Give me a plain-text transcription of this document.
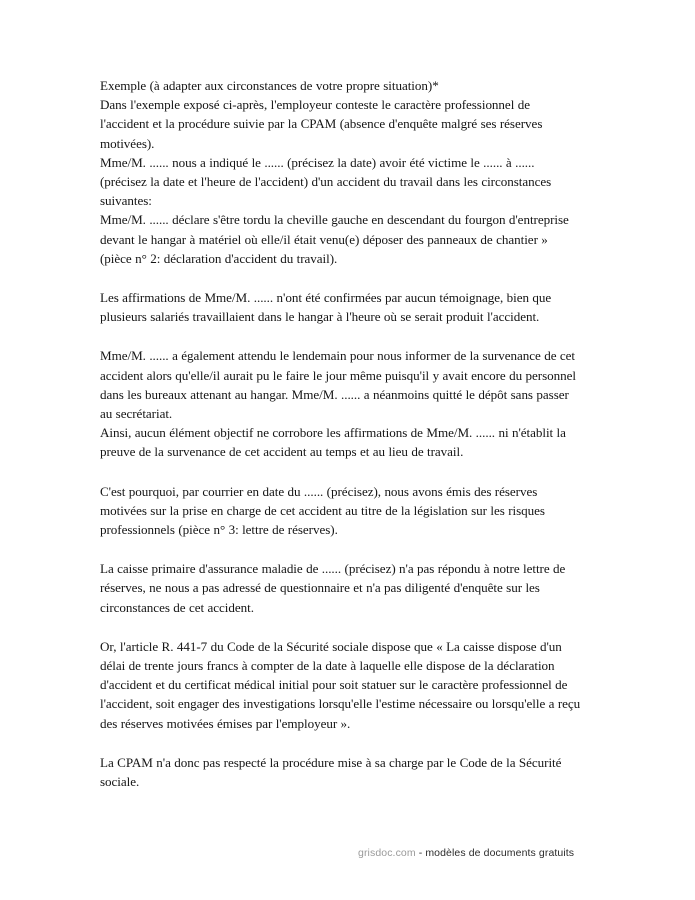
Exemple (à adapter aux circonstances de votre propre situation)*
Dans l'exemple exposé ci-après, l'employeur conteste le caractère professionnel de l'accident et la procédure suivie par la CPAM (absence d'enquête malgré ses réserves motivées).
Mme/M. ...... nous a indiqué le ...... (précisez la date) avoir été victime le ...... à ...... (précisez la date et l'heure de l'accident) d'un accident du travail dans les circonstances suivantes:
Mme/M. ...... déclare s'être tordu la cheville gauche en descendant du fourgon d'entreprise devant le hangar à matériel où elle/il était venu(e) déposer des panneaux de chantier »
(pièce n° 2: déclaration d'accident du travail).

Les affirmations de Mme/M. ...... n'ont été confirmées par aucun témoignage, bien que plusieurs salariés travaillaient dans le hangar à l'heure où se serait produit l'accident.

Mme/M. ...... a également attendu le lendemain pour nous informer de la survenance de cet accident alors qu'elle/il aurait pu le faire le jour même puisqu'il y avait encore du personnel dans les bureaux attenant au hangar. Mme/M. ...... a néanmoins quitté le dépôt sans passer au secrétariat.
Ainsi, aucun élément objectif ne corrobore les affirmations de Mme/M. ...... ni n'établit la preuve de la survenance de cet accident au temps et au lieu de travail.

C'est pourquoi, par courrier en date du ...... (précisez), nous avons émis des réserves motivées sur la prise en charge de cet accident au titre de la législation sur les risques professionnels (pièce n° 3: lettre de réserves).

La caisse primaire d'assurance maladie de ...... (précisez) n'a pas répondu à notre lettre de réserves, ne nous a pas adressé de questionnaire et n'a pas diligenté d'enquête sur les circonstances de cet accident.

Or, l'article R. 441-7 du Code de la Sécurité sociale dispose que « La caisse dispose d'un délai de trente jours francs à compter de la date à laquelle elle dispose de la déclaration d'accident et du certificat médical initial pour soit statuer sur le caractère professionnel de l'accident, soit engager des investigations lorsqu'elle l'estime nécessaire ou lorsqu'elle a reçu des réserves motivées émises par l'employeur ».

La CPAM n'a donc pas respecté la procédure mise à sa charge par le Code de la Sécurité sociale.

grisdoc.com - modèles de documents gratuits
